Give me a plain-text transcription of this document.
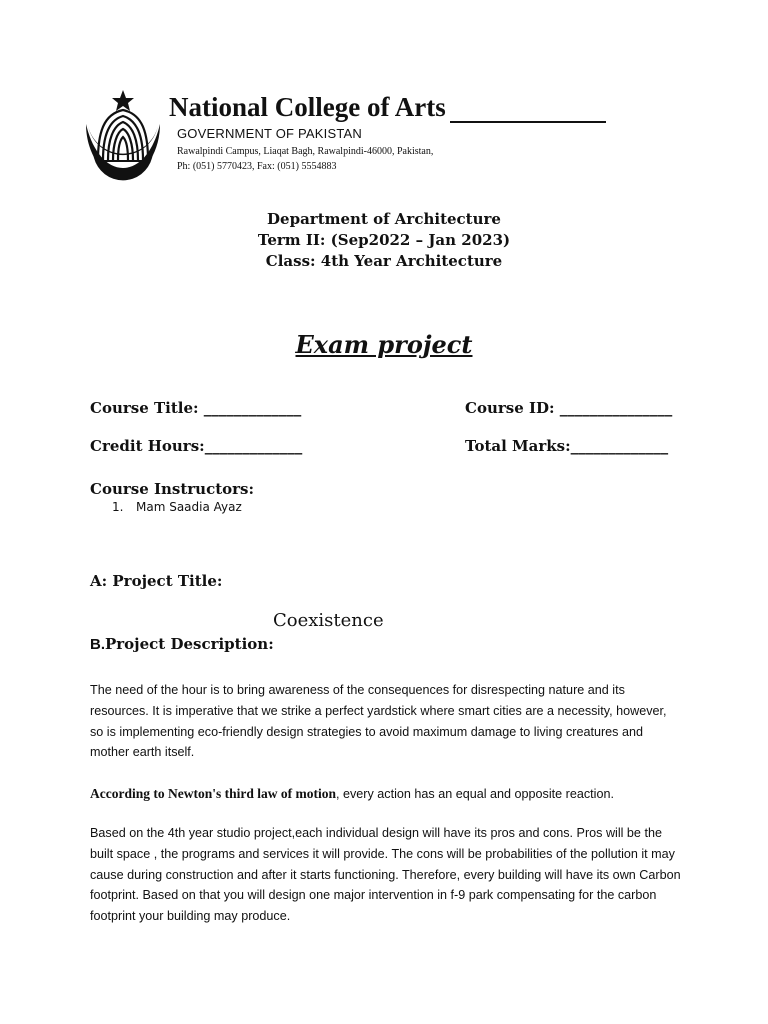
National College of Arts
GOVERNMENT OF PAKISTAN
Rawalpindi Campus, Liaqat Bagh, Rawalpindi-46000, Pakistan,
Ph: (051) 5770423, Fax: (051) 5554883
Department of Architecture
Term II: (Sep2022 – Jan 2023)
Class: 4th Year Architecture
Exam project
Course Title: _____________	Course ID: _______________
Credit Hours:_____________	Total Marks:_____________
Course Instructors:
1. Mam Saadia Ayaz
A: Project Title:
Coexistence
B.Project Description:
The need of the hour is to bring awareness of the consequences for disrespecting nature and its resources. It is imperative that we strike a perfect yardstick where smart cities are a necessity, however, so is implementing eco-friendly design strategies to avoid maximum damage to living creatures and mother earth itself.
According to Newton's third law of motion, every action has an equal and opposite reaction.
Based on the 4th year studio project,each individual design will have its pros and cons. Pros will be the built space , the programs and services it will provide. The cons will be probabilities of the pollution it may cause during construction and after it starts functioning. Therefore, every building will have its own Carbon footprint. Based on that you will design one major intervention in f-9 park compensating for the carbon footprint your building may produce.
